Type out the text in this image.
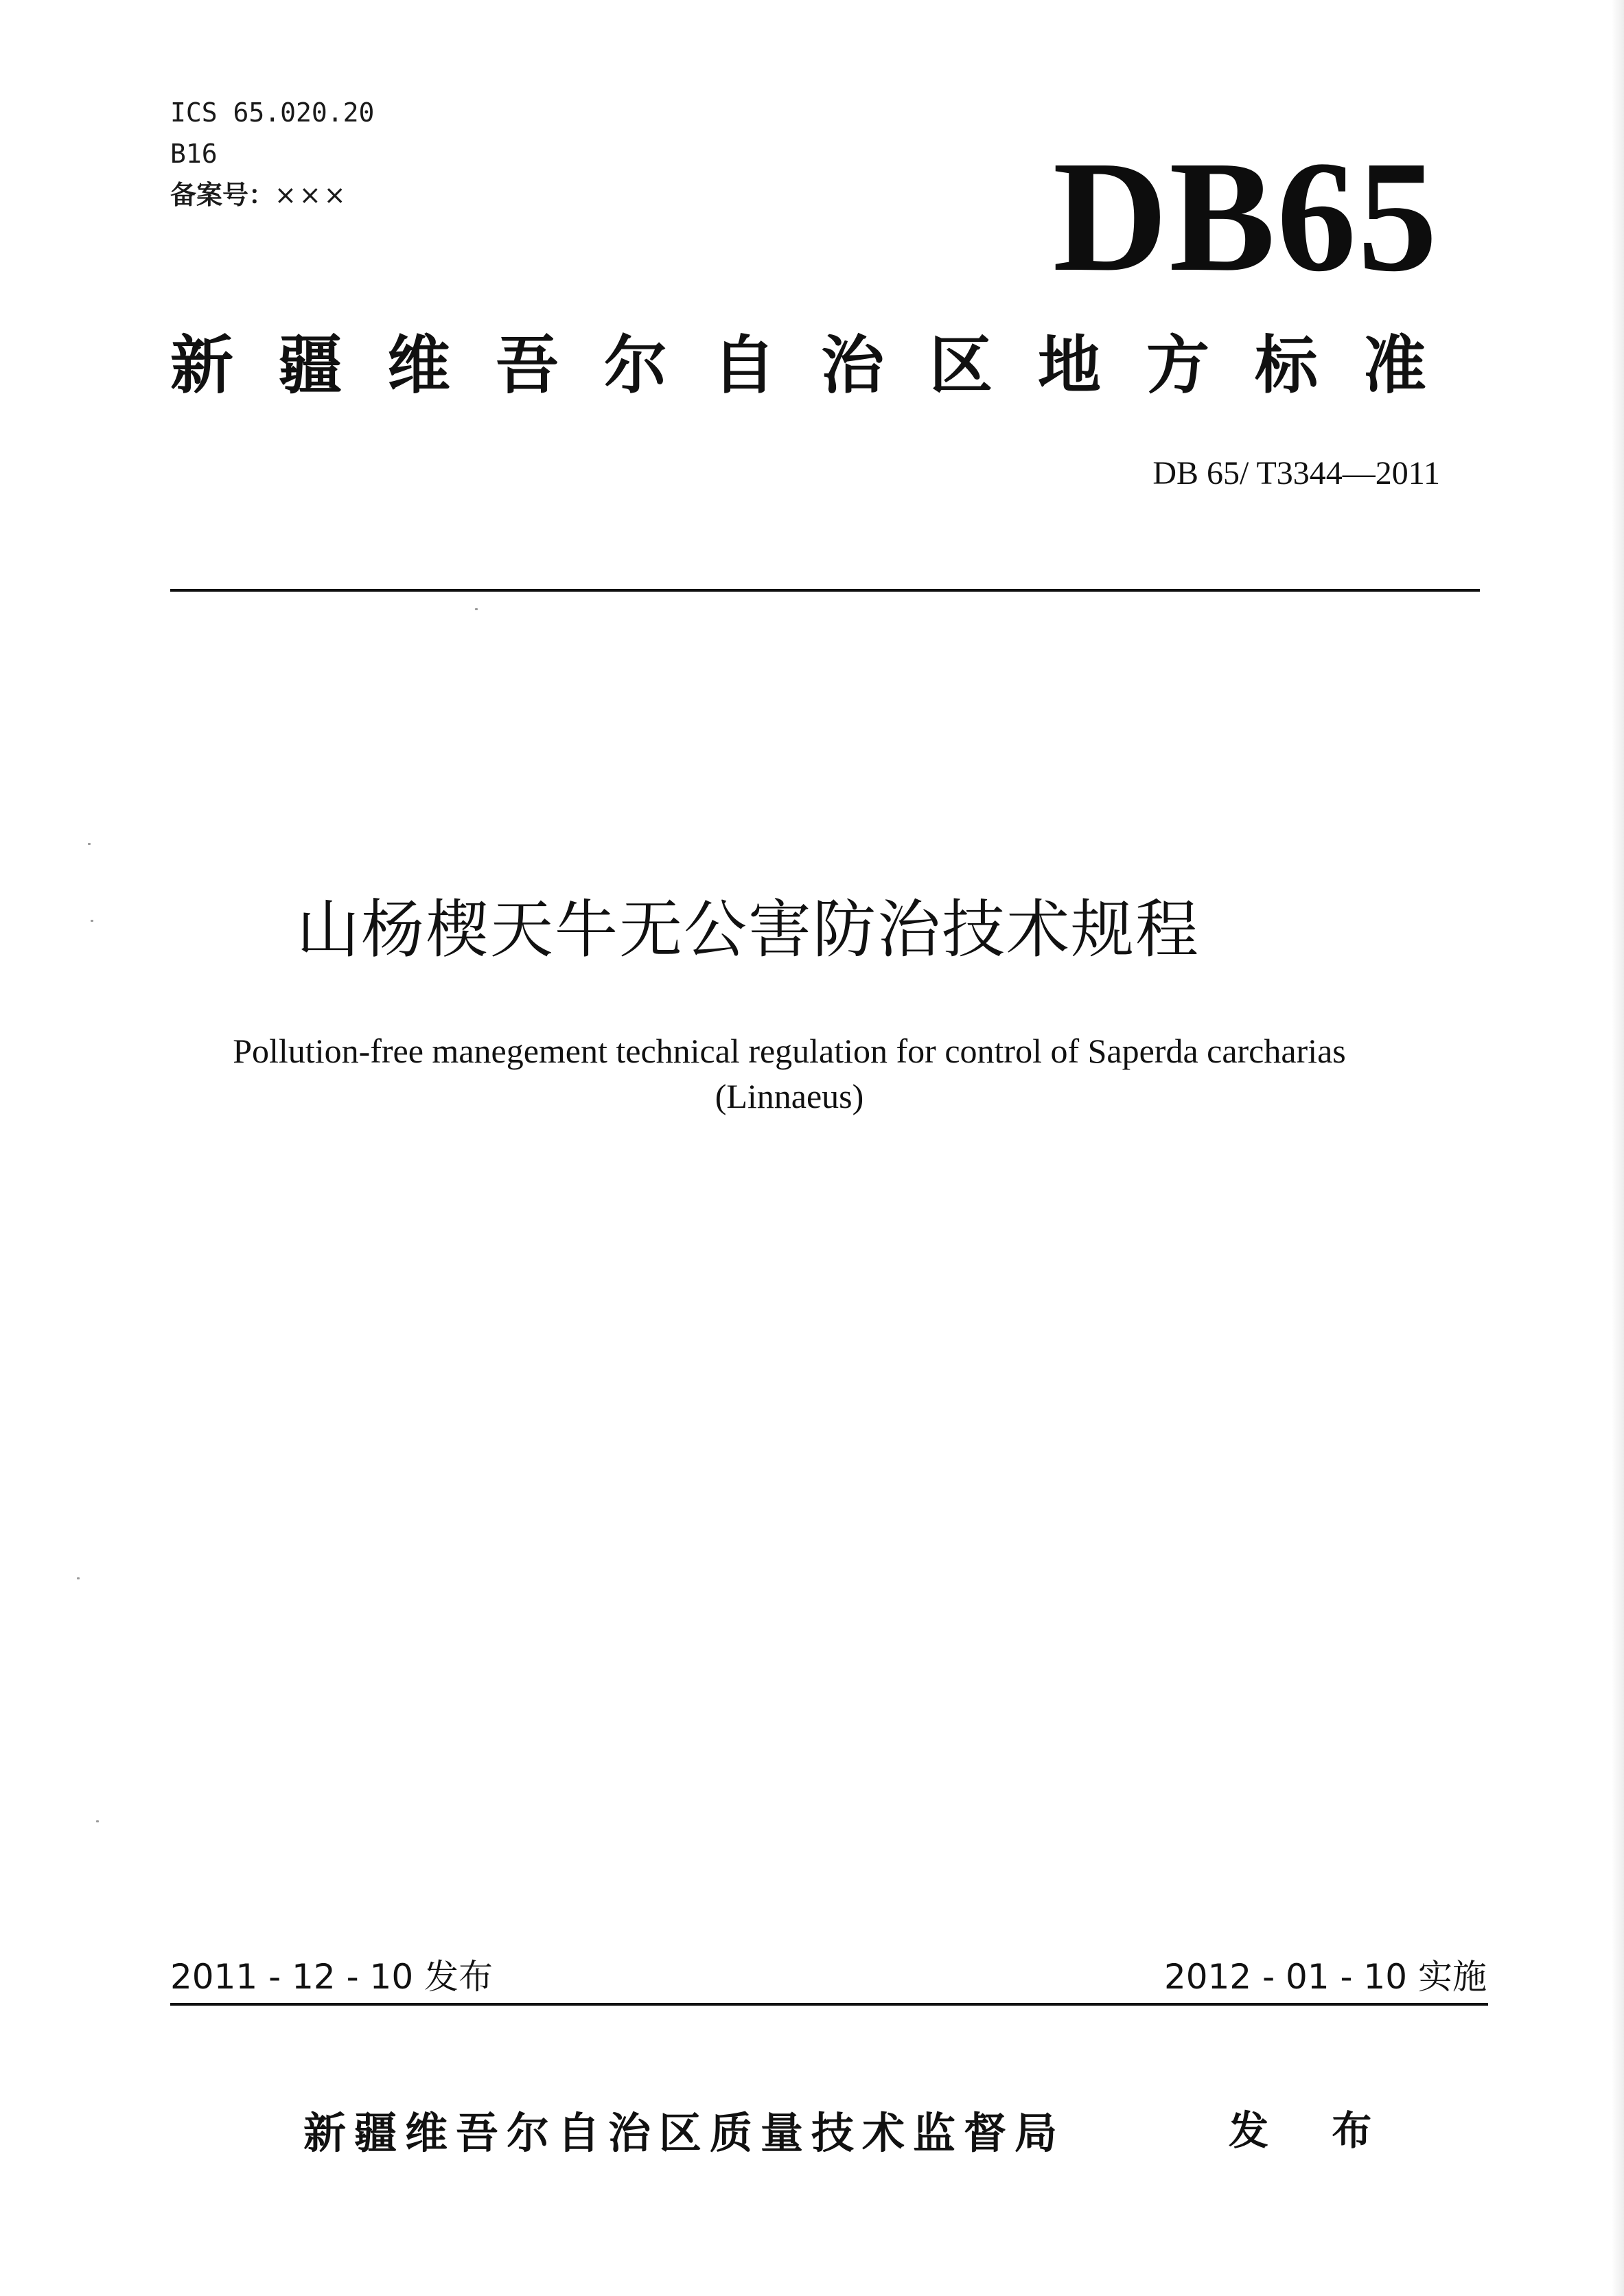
ICS 65.020.20
B16
备案号：×××	DB65
新疆维吾尔自治区地方标准
DB 65/ T3344—2011
山杨楔天牛无公害防治技术规程
Pollution-free manegement technical regulation for control of Saperda carcharias
(Linnaeus)
2011 - 12 - 10 发布	2012 - 01 - 10 实施
新疆维吾尔自治区质量技术监督局	发 布
